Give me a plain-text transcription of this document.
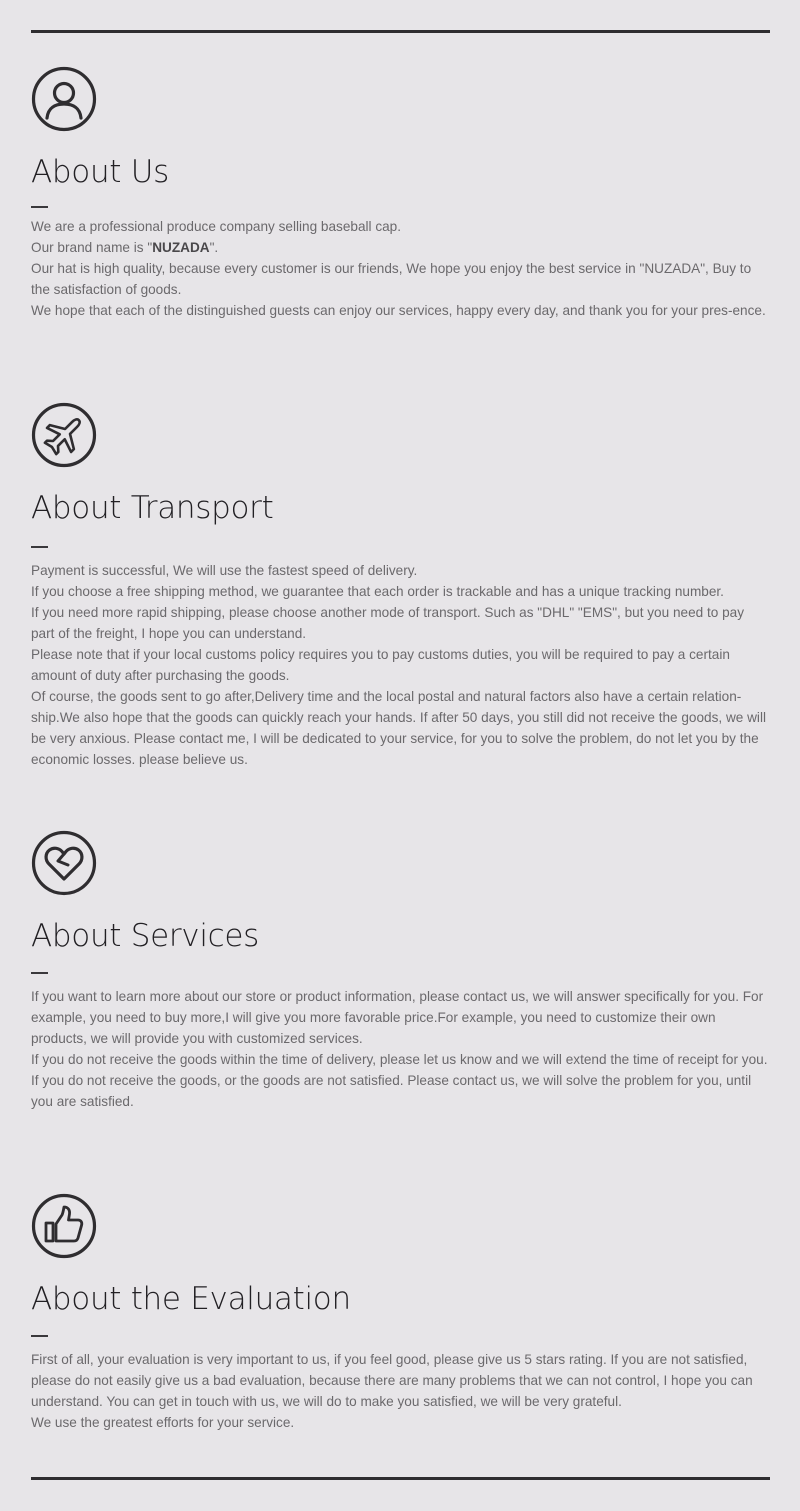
About Us

We are a professional produce company selling baseball cap.

Our brand name is "NUZADA".

Our hat is high quality, because every customer is our friends, We hope you enjoy the best service in "NUZADA", Buy to the satisfaction of goods.

We hope that each of the distinguished guests can enjoy our services, happy every day, and thank you for your pres-ence.

About Transport

Payment is successful, We will use the fastest speed of delivery.

If you choose a free shipping method, we guarantee that each order is trackable and has a unique tracking number.

If you need more rapid shipping, please choose another mode of transport. Such as "DHL" "EMS", but you need to pay part of the freight, I hope you can understand.

Please note that if your local customs policy requires you to pay customs duties, you will be required to pay a certain amount of duty after purchasing the goods.

Of course, the goods sent to go after,Delivery time and the local postal and natural factors also have a certain relation-ship.We also hope that the goods can quickly reach your hands. If after 50 days, you still did not receive the goods, we will be very anxious. Please contact me, I will be dedicated to your service, for you to solve the problem, do not let you by the economic losses. please believe us.

About Services

If you want to learn more about our store or product information, please contact us, we will answer specifically for you. For example, you need to buy more,I will give you more favorable price.For example, you need to customize their own products, we will provide you with customized services.

If you do not receive the goods within the time of delivery, please let us know and we will extend the time of receipt for you.

If you do not receive the goods, or the goods are not satisfied. Please contact us, we will solve the problem for you, until you are satisfied.

About the Evaluation

First of all, your evaluation is very important to us, if you feel good, please give us 5 stars rating. If you are not satisfied, please do not easily give us a bad evaluation, because there are many problems that we can not control, I hope you can understand. You can get in touch with us, we will do to make you satisfied, we will be very grateful.

We use the greatest efforts for your service.
